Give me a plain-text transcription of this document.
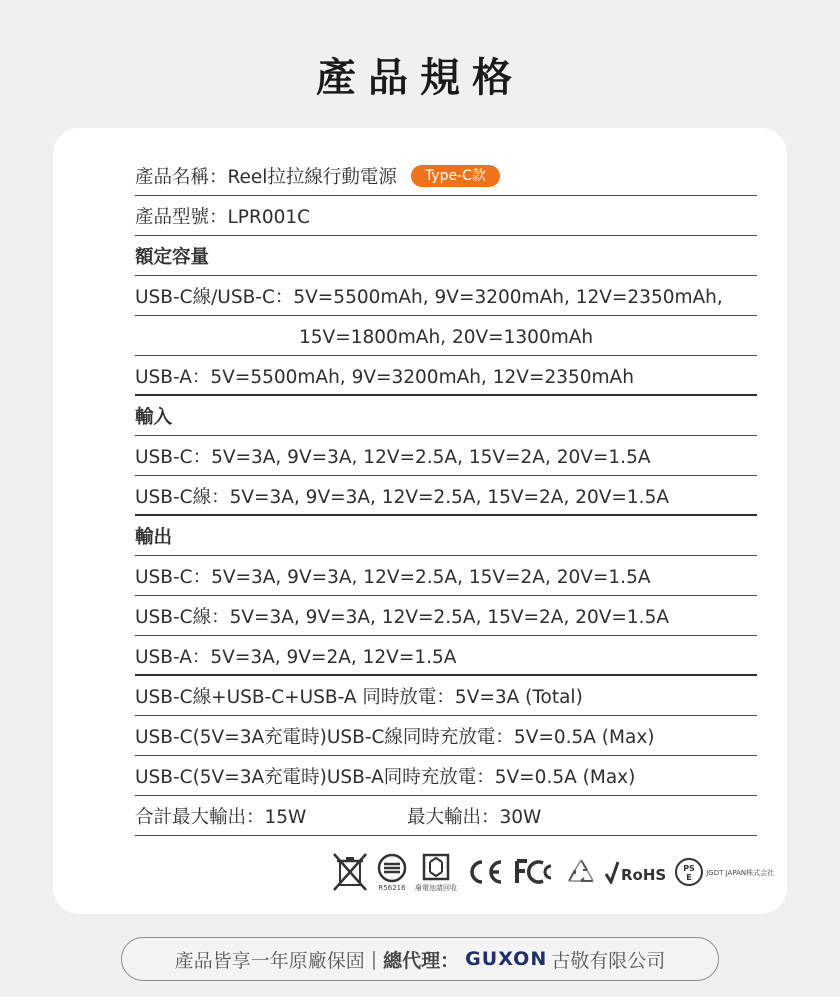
產品規格
產品名稱：Reel拉拉線行動電源 Type-C款
產品型號：LPR001C
額定容量
USB-C線/USB-C：5V=5500mAh, 9V=3200mAh, 12V=2350mAh,
15V=1800mAh, 20V=1300mAh
USB-A：5V=5500mAh, 9V=3200mAh, 12V=2350mAh
輸入
USB-C：5V=3A, 9V=3A, 12V=2.5A, 15V=2A, 20V=1.5A
USB-C線：5V=3A, 9V=3A, 12V=2.5A, 15V=2A, 20V=1.5A
輸出
USB-C：5V=3A, 9V=3A, 12V=2.5A, 15V=2A, 20V=1.5A
USB-C線：5V=3A, 9V=3A, 12V=2.5A, 15V=2A, 20V=1.5A
USB-A：5V=3A, 9V=2A, 12V=1.5A
USB-C線+USB-C+USB-A 同時放電：5V=3A (Total)
USB-C(5V=3A充電時)USB-C線同時充放電：5V=0.5A (Max)
USB-C(5V=3A充電時)USB-A同時充放電：5V=0.5A (Max)
合計最大輸出：15W	最大輸出：30W
R56216 廢電池請回收
RoHS PS
E
JGDT JAPAN株式会社
產品皆享一年原廠保固 | 總代理： GUXON 古敬有限公司
